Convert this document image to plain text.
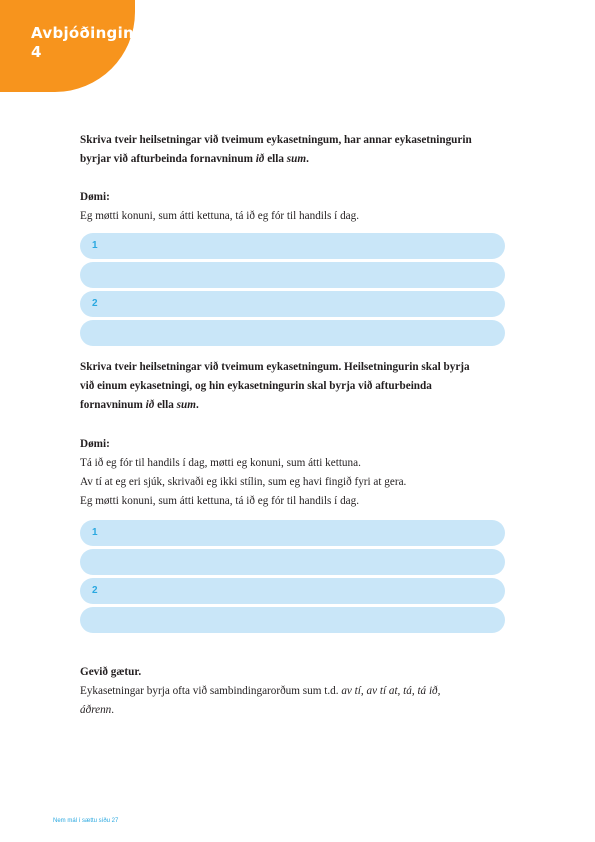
Avbjóðingin
4
Skriva tveir heilsetningar við tveimum eykasetningum, har annar eykasetningurin
byrjar við afturbeinda fornavninum ið ella sum.
Dømi:
Eg møtti konuni, sum átti kettuna, tá ið eg fór til handils í dag.
1
2
Skriva tveir heilsetningar við tveimum eykasetningum. Heilsetningurin skal byrja
við einum eykasetningi, og hin eykasetningurin skal byrja við afturbeinda
fornavninum ið ella sum.
Dømi:
Tá ið eg fór til handils í dag, møtti eg konuni, sum átti kettuna.
Av tí at eg eri sjúk, skrivaði eg ikki stílin, sum eg havi fingið fyri at gera.
Eg møtti konuni, sum átti kettuna, tá ið eg fór til handils í dag.
1
2
Gevið gætur.
Eykasetningar byrja ofta við sambindingarorðum sum t.d. av tí, av tí at, tá, tá ið,
áðrenn.
Nem mál í sættu síðu 27
